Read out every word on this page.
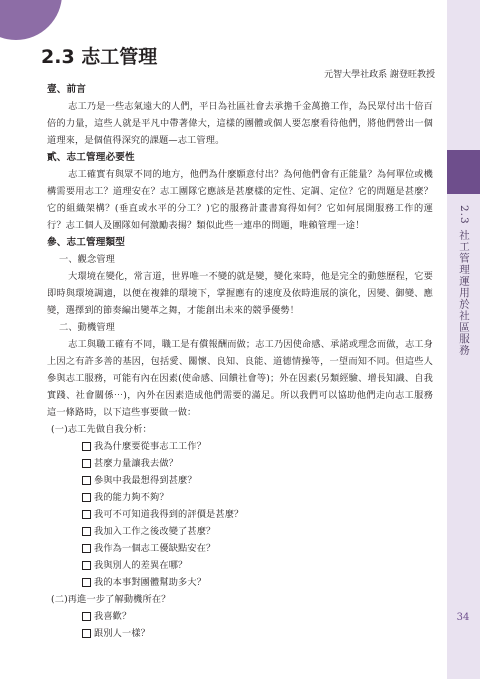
2.3 社工管理運用於社區服務
34
2.3 志工管理
元智大學社政系 謝登旺教授
壹、前言

志工乃是一些志氣遠大的人們，平日為社區社會去承擔千金萬擔工作，為民眾付出十倍百倍的力量，這些人就是平凡中帶著偉大，這樣的團體或個人要怎麼看待他們，將他們營出一個道理來，是個值得深究的課題—志工管理。

貳、志工管理必要性

志工確實有與眾不同的地方，他們為什麼願意付出？為何他們會有正能量？為何單位或機構需要用志工？道理安在？志工團隊它應該是甚麼樣的定性、定調、定位？它的問題是甚麼？它的組織架構？(垂直或水平的分工？)它的服務計畫書寫得如何？它如何展開服務工作的運行？志工個人及團隊如何激勵表揚？類似此些一連串的問題，唯賴管理一途！

參、志工管理類型
一、觀念管理

大環境在變化，常言道，世界唯一不變的就是變，變化來時，他是完全的動態歷程，它要即時與環境調適，以便在複雜的環境下，掌握應有的速度及依時進展的演化，因變、御變、應變，選擇到的節奏編出變革之舞，才能創出未來的競爭優勢！

二、動機管理

志工與職工確有不同，職工是有償報酬而做；志工乃因使命感、承諾或理念而做，志工身上因之有許多善的基因，包括愛、關懷、良知、良能、道德情操等，一望而知不同。但這些人參與志工服務，可能有內在因素(使命感、回饋社會等)；外在因素(另類經驗、增長知識、自我實踐、社會關係⋯)，內外在因素造成他們需要的滿足。所以我們可以協助他們走向志工服務這一條路時，以下這些事要做一做：

(一)志工先做自我分析：
我為什麼要從事志工工作？
甚麼力量讓我去做？
參與中我最想得到甚麼？
我的能力夠不夠？
我可不可知道我得到的評價是甚麼？
我加入工作之後改變了甚麼？
我作為一個志工優缺點安在？
我與別人的差異在哪？
我的本事對團體幫助多大？
(二)再進一步了解動機所在？
我喜歡？
跟別人一樣？
